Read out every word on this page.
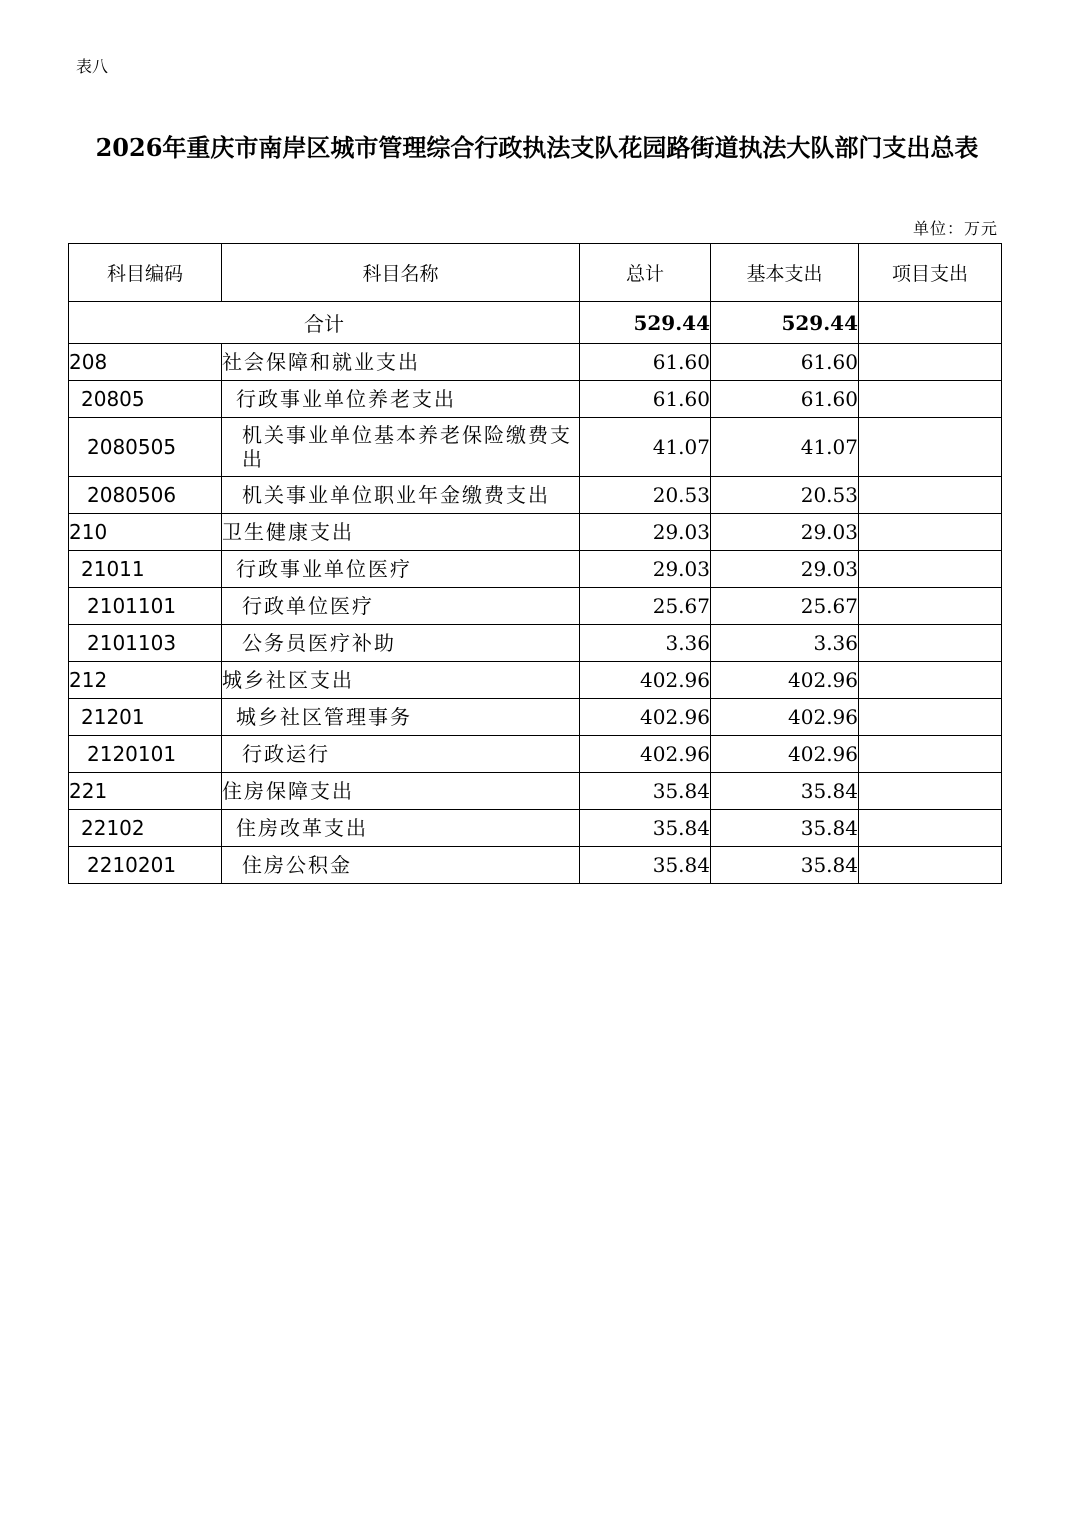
表八
2026年重庆市南岸区城市管理综合行政执法支队花园路街道执法大队部门支出总表
单位：万元
科目编码	科目名称	总计	基本支出	项目支出
合计		529.44	529.44	
208	社会保障和就业支出	61.60	61.60	
20805	行政事业单位养老支出	61.60	61.60	
2080505	机关事业单位基本养老保险缴费支出	41.07	41.07	
2080506	机关事业单位职业年金缴费支出	20.53	20.53	
210	卫生健康支出	29.03	29.03	
21011	行政事业单位医疗	29.03	29.03	
2101101	行政单位医疗	25.67	25.67	
2101103	公务员医疗补助	3.36	3.36	
212	城乡社区支出	402.96	402.96	
21201	城乡社区管理事务	402.96	402.96	
2120101	行政运行	402.96	402.96	
221	住房保障支出	35.84	35.84	
22102	住房改革支出	35.84	35.84	
2210201	住房公积金	35.84	35.84	
